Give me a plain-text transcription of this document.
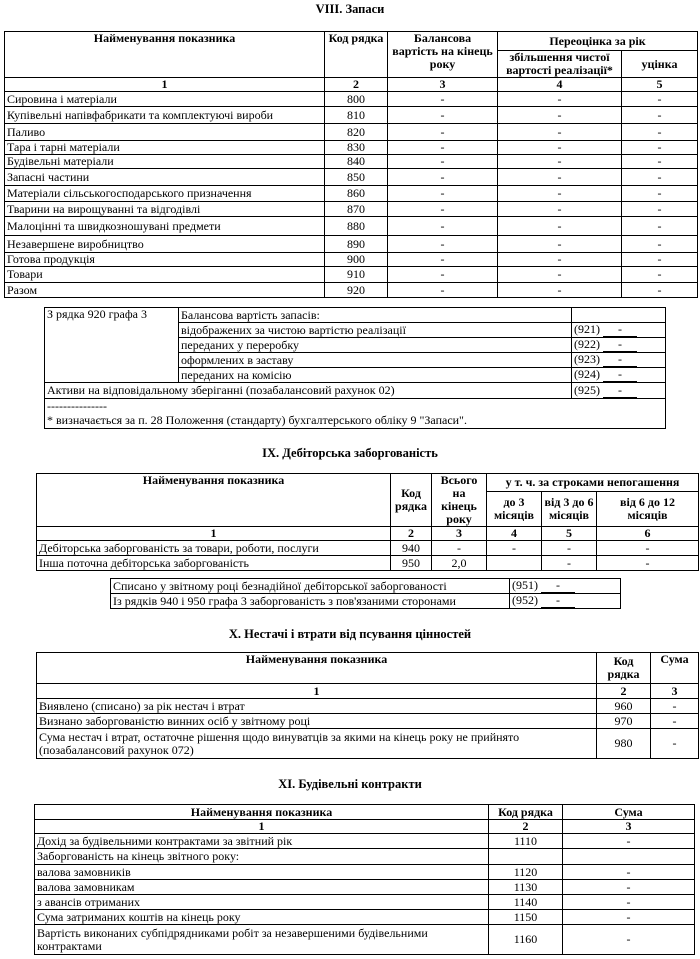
VIII. Запаси
Найменування показника	Код рядка	Балансова вартість на кінець року	Переоцінка за рік	
			збільшення чистої вартості реалізації*	уцінка
1	2	3	4	5
Сировина і матеріали	800	-	-	-
Купівельні напівфабрикати та комплектуючі вироби	810	-	-	-
Паливо	820	-	-	-
Тара і тарні матеріали	830	-	-	-
Будівельні матеріали	840	-	-	-
Запасні частини	850	-	-	-
Матеріали сільськогосподарського призначення	860	-	-	-
Тварини на вирощуванні та відгодівлі	870	-	-	-
Малоцінні та швидкозношувані предмети	880	-	-	-
Незавершене виробництво	890	-	-	-
Готова продукція	900	-	-	-
Товари	910	-	-	-
Разом	920	-	-	-
З рядка 920 графа 3	Балансова вартість запасів:	
	відображених за чистою вартістю реалізації	(921) -
	переданих у переробку	(922) -
	оформлених в заставу	(923) -
	переданих на комісію	(924) -
Активи на відповідальному зберіганні (позабалансовий рахунок 02)		(925) -

---------------
* визначається за п. 28 Положення (стандарту) бухгалтерського обліку 9 "Запаси".		
IX. Дебіторська заборгованість
Найменування показника	Код рядка	Всього на кінець року	у т. ч. за строками непогашення		
			до 3 місяців	від 3 до 6 місяців	від 6 до 12 місяців
1	2	3	4	5	6
Дебіторська заборгованість за товари, роботи, послуги	940	-	-	-	-
Інша поточна дебіторська заборгованість	950	2,0		-	-
Списано у звітному році безнадійної дебіторської заборгованості	(951) -
Із рядків 940 і 950 графа 3 заборгованість з пов'язаними сторонами	(952) -
X. Нестачі і втрати від псування цінностей
Найменування показника	Код рядка	Сума
1	2	3
Виявлено (списано) за рік нестач і втрат	960	-
Визнано заборгованістю винних осіб у звітному році	970	-
Сума нестач і втрат, остаточне рішення щодо винуватців за якими на кінець року не прийнято (позабалансовий рахунок 072)	980	-
XI. Будівельні контракти
Найменування показника	Код рядка	Сума
1	2	3
Дохід за будівельними контрактами за звітний рік	1110	-
Заборгованість на кінець звітного року:		
валова замовників	1120	-
валова замовникам	1130	-
з авансів отриманих	1140	-
Сума затриманих коштів на кінець року	1150	-
Вартість виконаних субпідрядниками робіт за незавершеними будівельними контрактами	1160	-
